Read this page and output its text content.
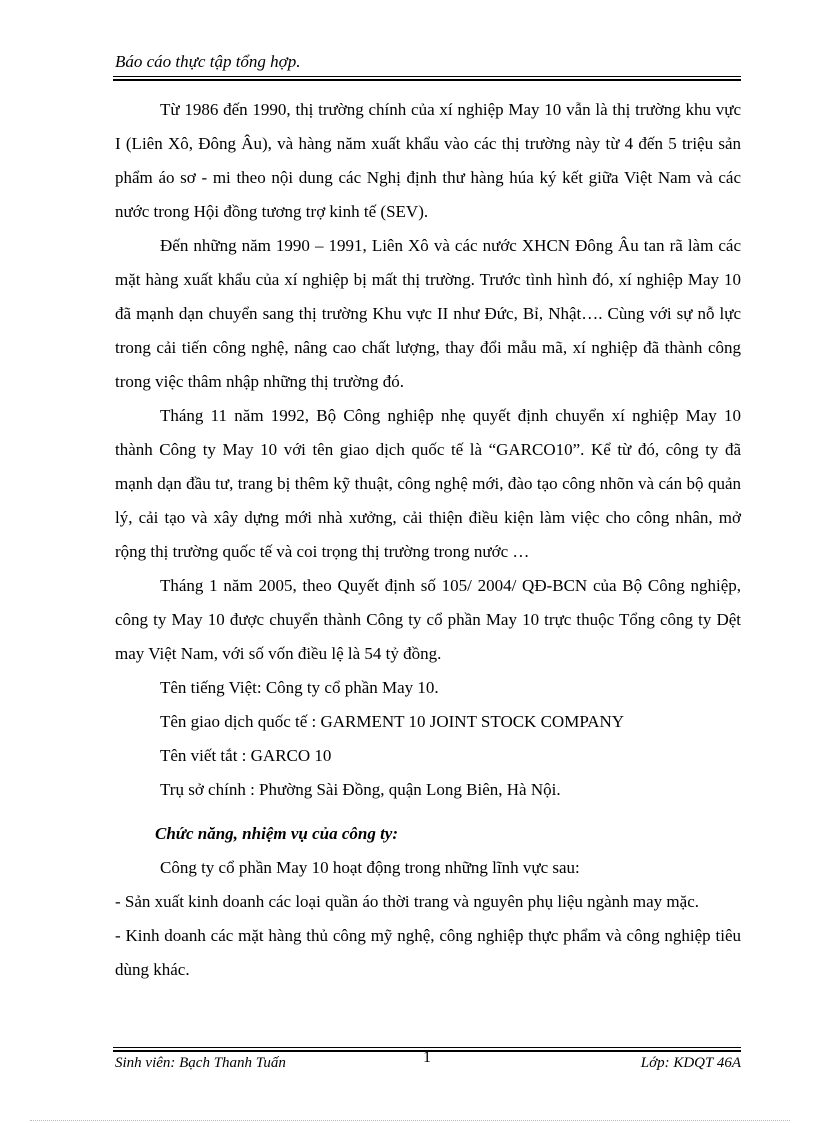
Báo cáo thực tập tổng hợp.

Từ 1986 đến 1990, thị trường chính của xí nghiệp May 10 vẫn là thị trường khu vực I (Liên Xô, Đông Âu), và hàng năm xuất khẩu vào các thị trường này từ 4 đến 5 triệu sản phẩm áo sơ - mi theo nội dung các Nghị định thư hàng húa ký kết giữa Việt Nam và các nước trong Hội đồng tương trợ kinh tế (SEV).

Đến những năm 1990 – 1991, Liên Xô và các nước XHCN Đông Âu tan rã làm các mặt hàng xuất khẩu của xí nghiệp bị mất thị trường. Trước tình hình đó, xí nghiệp May 10 đã mạnh dạn chuyển sang thị trường Khu vực II như Đức, Bỉ, Nhật…. Cùng với sự nỗ lực trong cải tiến công nghệ, nâng cao chất lượng, thay đổi mẫu mã, xí nghiệp đã thành công trong việc thâm nhập những thị trường đó.

Tháng 11 năm 1992, Bộ Công nghiệp nhẹ quyết định chuyển xí nghiệp May 10 thành Công ty May 10 với tên giao dịch quốc tế là “GARCO10”. Kể từ đó, công ty đã mạnh dạn đầu tư, trang bị thêm kỹ thuật, công nghệ mới, đào tạo công nhõn và cán bộ quản lý, cải tạo và xây dựng mới nhà xưởng, cải thiện điều kiện làm việc cho công nhân, mở rộng thị trường quốc tế và coi trọng thị trường trong nước …

Tháng 1 năm 2005, theo Quyết định số 105/ 2004/ QĐ-BCN của Bộ Công nghiệp, công ty May 10 được chuyển thành Công ty cổ phần May 10 trực thuộc Tổng công ty Dệt may Việt Nam, với số vốn điều lệ là 54 tỷ đồng.

Tên tiếng Việt: Công ty cổ phần May 10.

Tên giao dịch quốc tế : GARMENT 10 JOINT STOCK COMPANY

Tên viết tắt : GARCO 10

Trụ sở chính : Phường Sài Đồng, quận Long Biên, Hà Nội.

Chức năng, nhiệm vụ của công ty:

Công ty cổ phần May 10 hoạt động trong những lĩnh vực sau:

- Sản xuất kinh doanh các loại quần áo thời trang và nguyên phụ liệu ngành may mặc.

- Kinh doanh các mặt hàng thủ công mỹ nghệ, công nghiệp thực phẩm và công nghiệp tiêu dùng khác.

Sinh viên: Bạch Thanh Tuấn	1	Lớp: KDQT 46A
